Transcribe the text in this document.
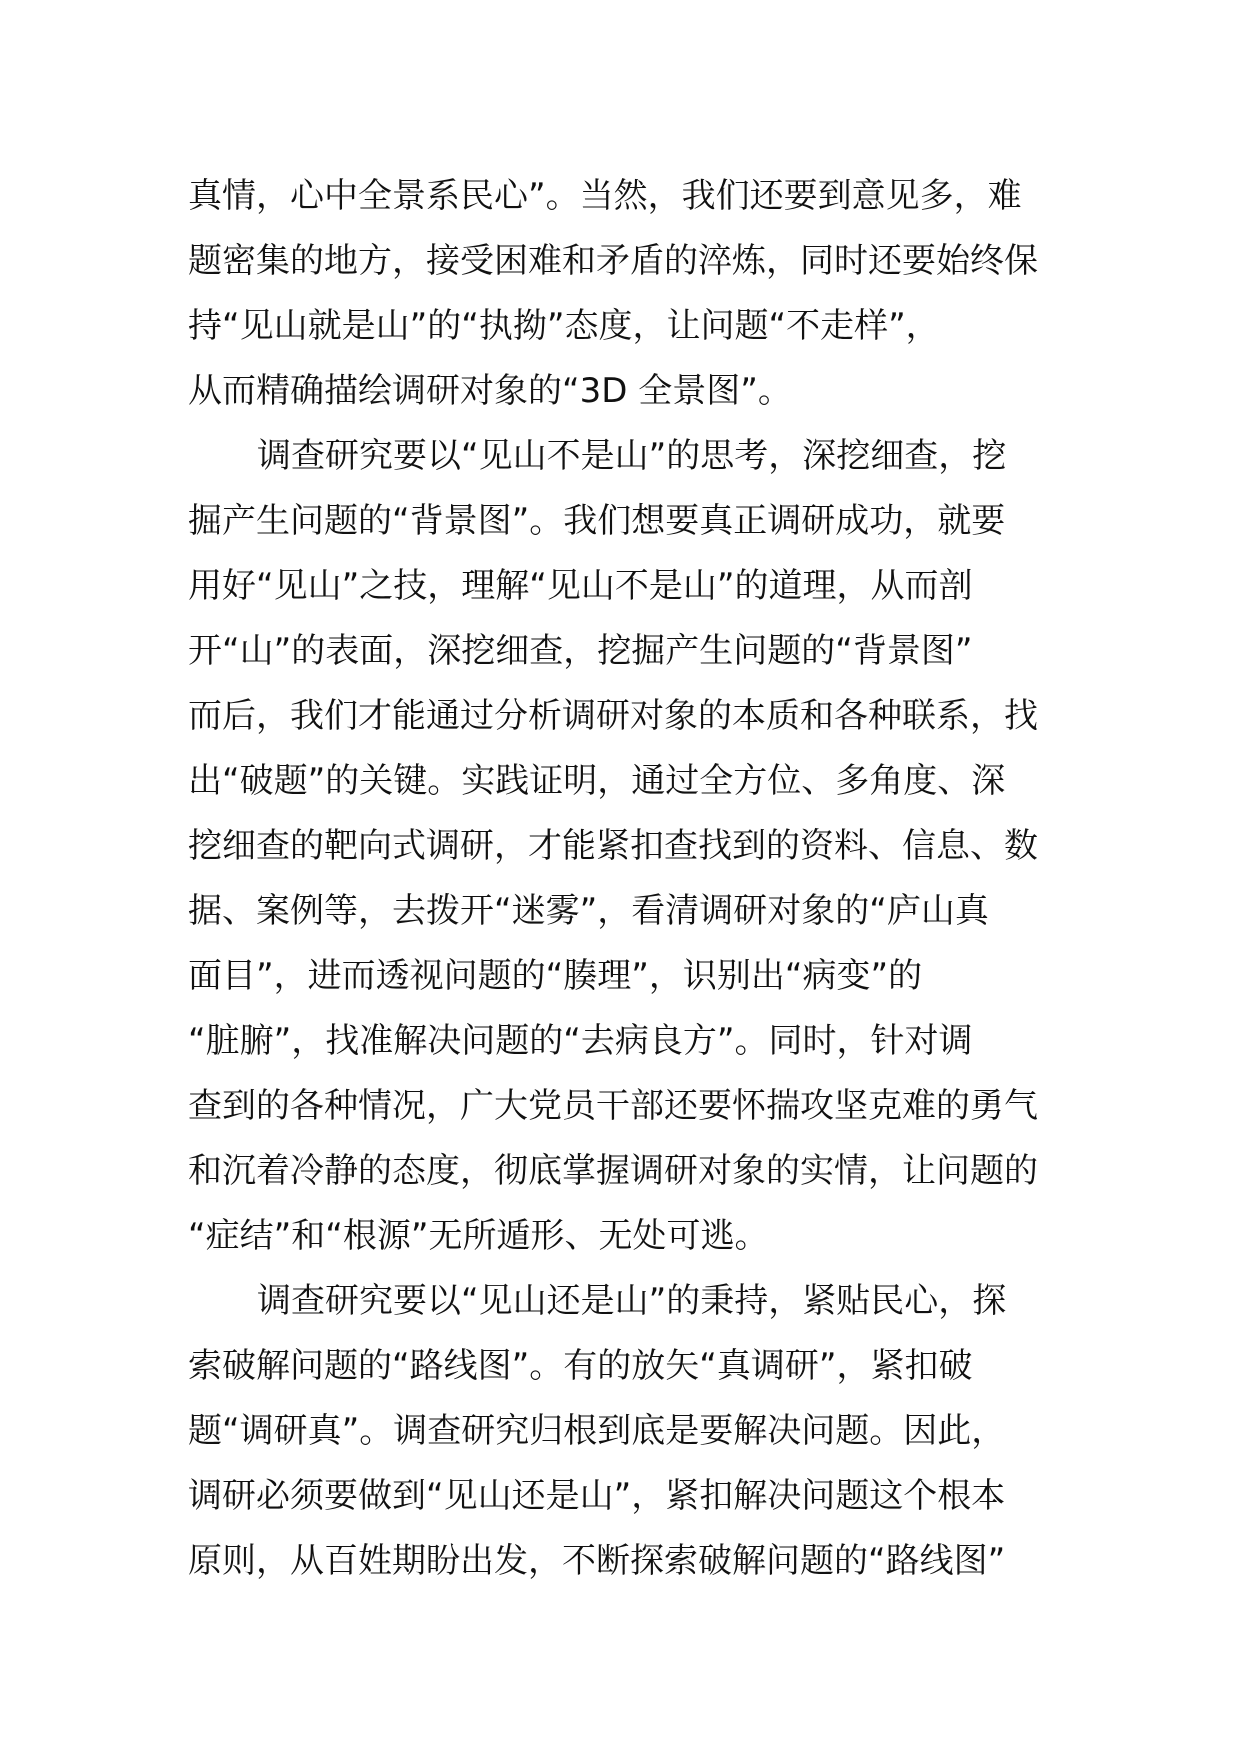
真情，心中全景系民心”。当然，我们还要到意见多，难
题密集的地方，接受困难和矛盾的淬炼，同时还要始终保
持“见山就是山”的“执拗”态度，让问题“不走样”，
从而精确描绘调研对象的“3D 全景图”。
调查研究要以“见山不是山”的思考，深挖细查，挖
掘产生问题的“背景图”。我们想要真正调研成功，就要
用好“见山”之技，理解“见山不是山”的道理，从而剖
开“山”的表面，深挖细查，挖掘产生问题的“背景图”
而后，我们才能通过分析调研对象的本质和各种联系，找
出“破题”的关键。实践证明，通过全方位、多角度、深
挖细查的靶向式调研，才能紧扣查找到的资料、信息、数
据、案例等，去拨开“迷雾”，看清调研对象的“庐山真
面目”，进而透视问题的“腠理”，识别出“病变”的
“脏腑”，找准解决问题的“去病良方”。同时，针对调
查到的各种情况，广大党员干部还要怀揣攻坚克难的勇气
和沉着冷静的态度，彻底掌握调研对象的实情，让问题的
“症结”和“根源”无所遁形、无处可逃。
调查研究要以“见山还是山”的秉持，紧贴民心，探
索破解问题的“路线图”。有的放矢“真调研”，紧扣破
题“调研真”。调查研究归根到底是要解决问题。因此，
调研必须要做到“见山还是山”，紧扣解决问题这个根本
原则，从百姓期盼出发，不断探索破解问题的“路线图”
